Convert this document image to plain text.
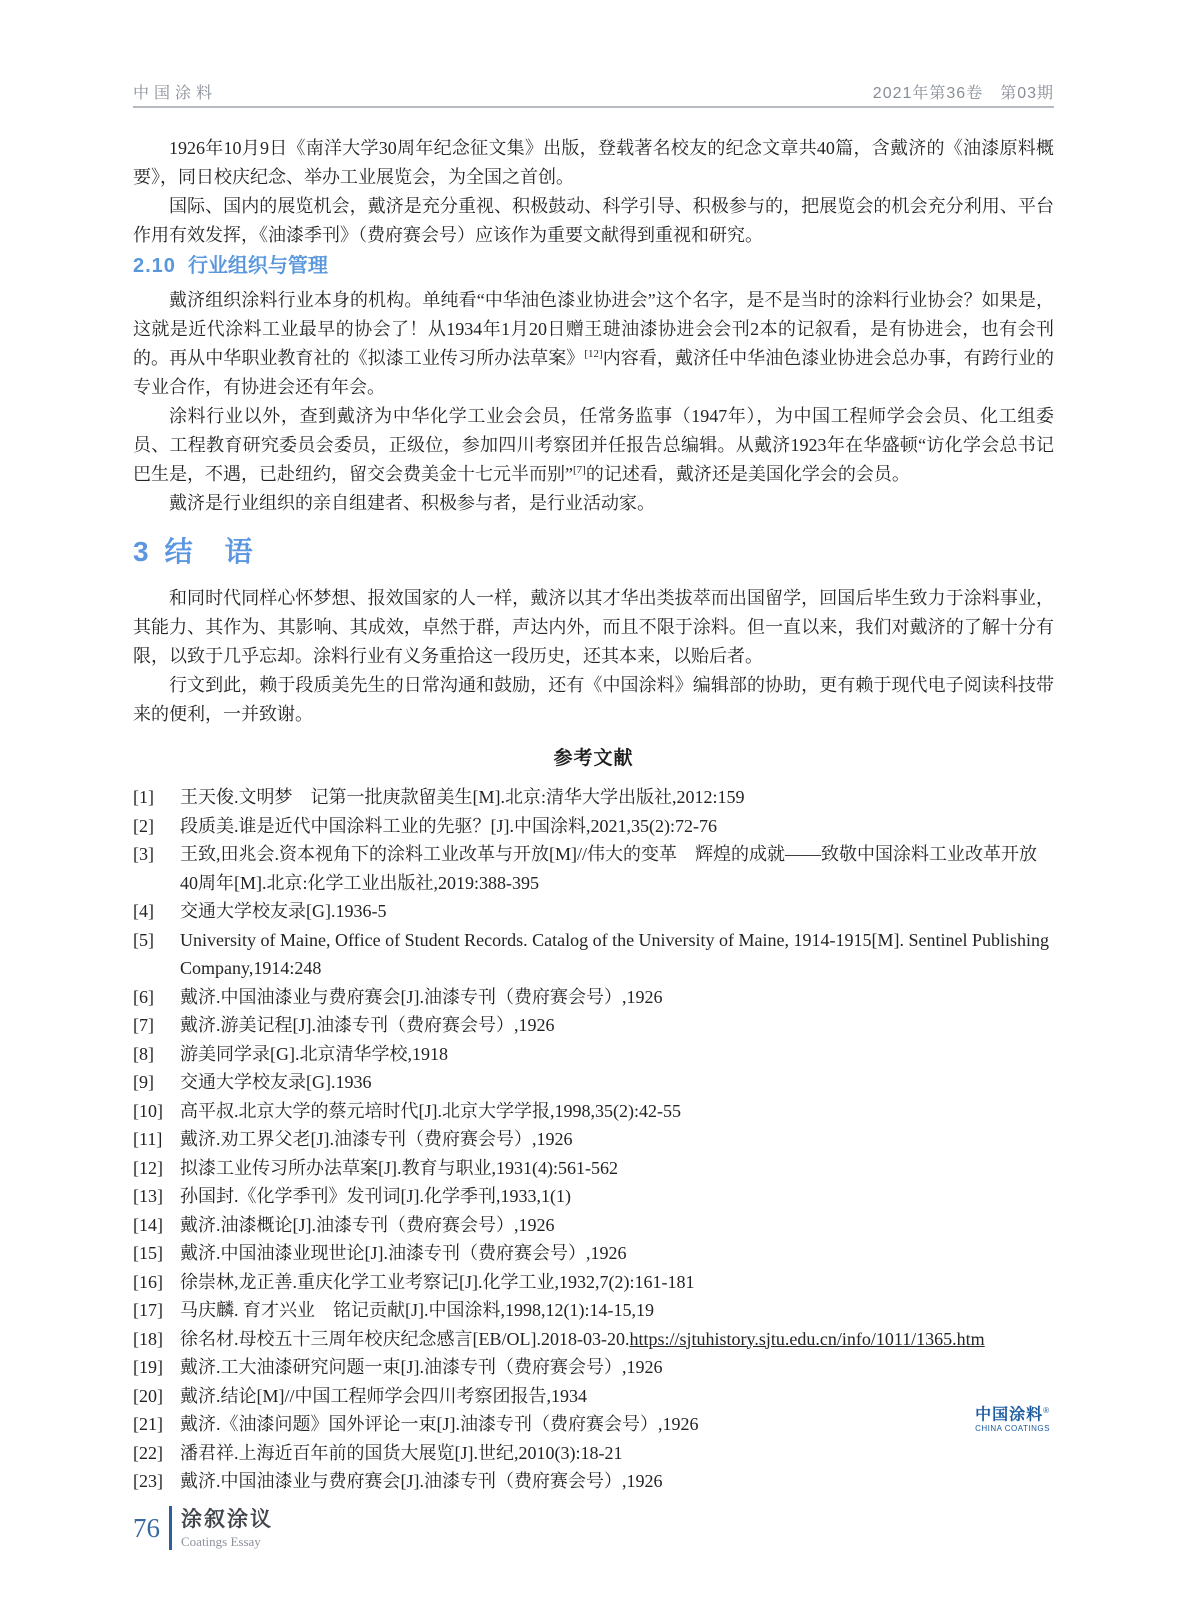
中国涂料	2021年第36卷　第03期

1926年10月9日《南洋大学30周年纪念征文集》出版，登载著名校友的纪念文章共40篇，含戴济的《油漆原料概要》，同日校庆纪念、举办工业展览会，为全国之首创。

国际、国内的展览机会，戴济是充分重视、积极鼓动、科学引导、积极参与的，把展览会的机会充分利用、平台作用有效发挥，《油漆季刊》（费府赛会号）应该作为重要文献得到重视和研究。

2.10 行业组织与管理

戴济组织涂料行业本身的机构。单纯看“中华油色漆业协进会”这个名字，是不是当时的涂料行业协会？如果是，这就是近代涂料工业最早的协会了！从1934年1月20日赠王琎油漆协进会会刊2本的记叙看，是有协进会，也有会刊的。再从中华职业教育社的《拟漆工业传习所办法草案》[12]内容看，戴济任中华油色漆业协进会总办事，有跨行业的专业合作，有协进会还有年会。

涂料行业以外，查到戴济为中华化学工业会会员，任常务监事（1947年），为中国工程师学会会员、化工组委员、工程教育研究委员会委员，正级位，参加四川考察团并任报告总编辑。从戴济1923年在华盛顿“访化学会总书记巴生是，不遇，已赴纽约，留交会费美金十七元半而别”[7]的记述看，戴济还是美国化学会的会员。

戴济是行业组织的亲自组建者、积极参与者，是行业活动家。

3 结　语

和同时代同样心怀梦想、报效国家的人一样，戴济以其才华出类拔萃而出国留学，回国后毕生致力于涂料事业，其能力、其作为、其影响、其成效，卓然于群，声达内外，而且不限于涂料。但一直以来，我们对戴济的了解十分有限，以致于几乎忘却。涂料行业有义务重拾这一段历史，还其本来，以贻后者。

行文到此，赖于段质美先生的日常沟通和鼓励，还有《中国涂料》编辑部的协助，更有赖于现代电子阅读科技带来的便利，一并致谢。

参考文献
[1]	王天俊.文明梦　记第一批庚款留美生[M].北京:清华大学出版社,2012:159
[2]	段质美.谁是近代中国涂料工业的先驱？[J].中国涂料,2021,35(2):72-76
[3]	王致,田兆会.资本视角下的涂料工业改革与开放[M]//伟大的变革　辉煌的成就——致敬中国涂料工业改革开放40周年[M].北京:化学工业出版社,2019:388-395
[4]	交通大学校友录[G].1936-5
[5]	University of Maine, Office of Student Records. Catalog of the University of Maine, 1914-1915[M]. Sentinel Publishing Company,1914:248
[6]	戴济.中国油漆业与费府赛会[J].油漆专刊（费府赛会号）,1926
[7]	戴济.游美记程[J].油漆专刊（费府赛会号）,1926
[8]	游美同学录[G].北京清华学校,1918
[9]	交通大学校友录[G].1936
[10] 高平叔.北京大学的蔡元培时代[J].北京大学学报,1998,35(2):42-55
[11] 戴济.劝工界父老[J].油漆专刊（费府赛会号）,1926
[12] 拟漆工业传习所办法草案[J].教育与职业,1931(4):561-562
[13] 孙国封.《化学季刊》发刊词[J].化学季刊,1933,1(1)
[14] 戴济.油漆概论[J].油漆专刊（费府赛会号）,1926
[15] 戴济.中国油漆业现世论[J].油漆专刊（费府赛会号）,1926
[16] 徐崇林,龙正善.重庆化学工业考察记[J].化学工业,1932,7(2):161-181
[17] 马庆麟. 育才兴业　铭记贡献[J].中国涂料,1998,12(1):14-15,19
[18] 徐名材.母校五十三周年校庆纪念感言[EB/OL].2018-03-20.https://sjtuhistory.sjtu.edu.cn/info/1011/1365.htm
[19] 戴济.工大油漆研究问题一束[J].油漆专刊（费府赛会号）,1926
[20] 戴济.结论[M]//中国工程师学会四川考察团报告,1934
[21] 戴济.《油漆问题》国外评论一束[J].油漆专刊（费府赛会号）,1926
[22] 潘君祥.上海近百年前的国货大展览[J].世纪,2010(3):18-21
[23] 戴济.中国油漆业与费府赛会[J].油漆专刊（费府赛会号）,1926
中国涂料®
CHINA COATINGS
76 涂叙涂议
Coatings Essay
